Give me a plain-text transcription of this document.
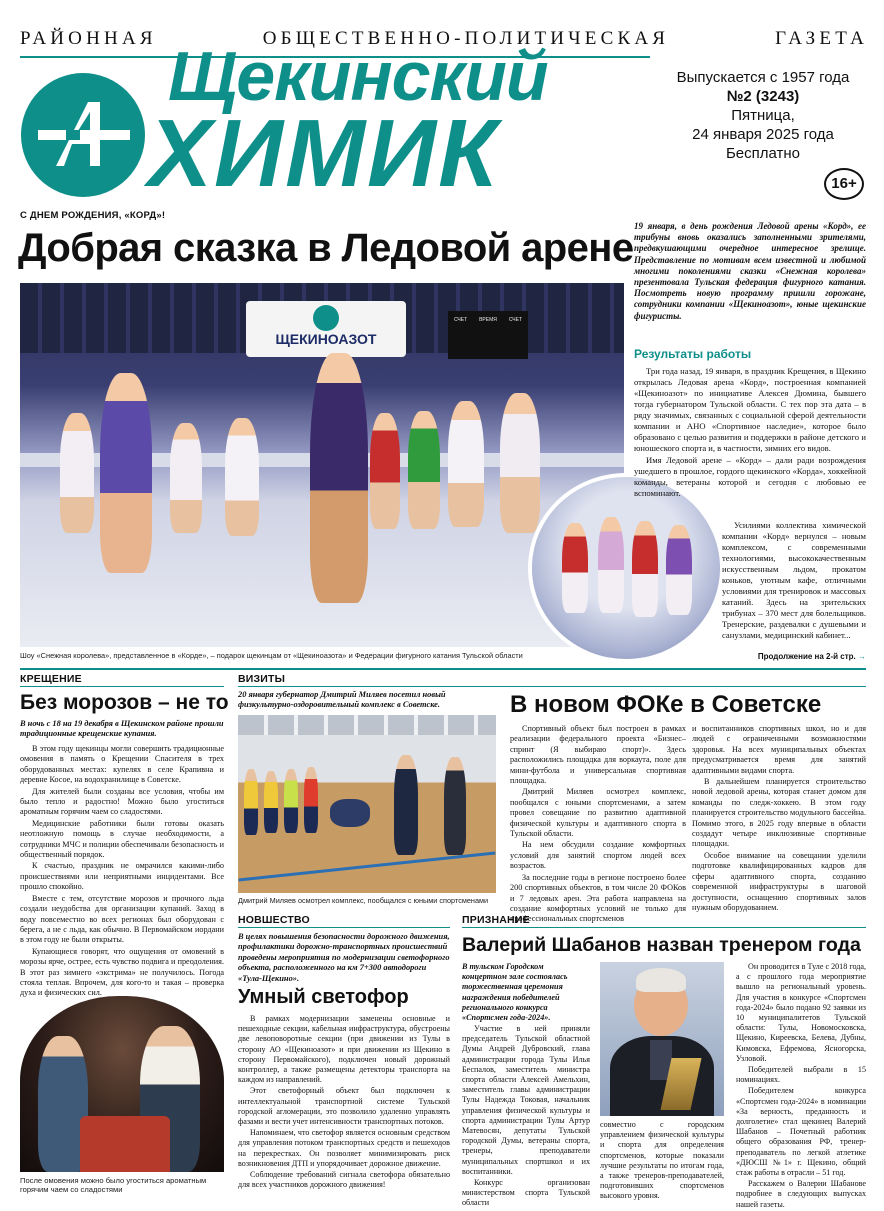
РАЙОННАЯ ОБЩЕСТВЕННО-ПОЛИТИЧЕСКАЯ ГАЗЕТА
Щекинский
ХИМИК
Выпускается с 1957 года
№2 (3243)
Пятница,
24 января 2025 года
Бесплатно
16+
С ДНЕМ РОЖДЕНИЯ, «КОРД»!
Добрая сказка в Ледовой арене
ЩЕКИНОАЗОТ
СЧЕТ ВРЕМЯ СЧЕТ
Шоу «Снежная королева», представленное в «Корде», – подарок щекинцам от «Щекиноазота» и Федерации фигурного катания Тульской области
19 января, в день рождения Ледовой арены «Корд», ее трибуны вновь оказались заполненными зрителями, предвкушающими очередное интересное зрелище. Представление по мотивам всем известной и любимой многими поколениями сказки «Снежная королева» презентовала Тульская федерация фигурного катания. Посмотреть новую программу пришли горожане, сотрудники компании «Щекиноазот», юные щекинские фигуристы.
Результаты работы

Три года назад, 19 января, в праздник Крещения, в Щекино открылась Ледовая арена «Корд», построенная компанией «Щекиноазот» по инициативе Алексея Дюмина, бывшего тогда губернатором Тульской области. С тех пор эта дата – в ряду значимых, связанных с социальной сферой деятельности компании и АНО «Спортивное наследие», которое было образовано с целью развития и поддержки в районе детского и юношеского спорта и, в частности, зимних его видов.

Имя Ледовой арене – «Корд» – дали ради возрождения ушедшего в прошлое, гордого щекинского «Корда», хоккейной команды, ветераны которой и сегодня с любовью ее вспоминают.

Усилиями коллектива химической компании «Корд» вернулся – новым комплексом, с современными технологиями, высококачественным искусственным льдом, прокатом коньков, уютным кафе, отличными условиями для тренировок и массовых катаний. Здесь на зрительских трибунах – 370 мест для болельщиков. Тренерские, раздевалки с душевыми и санузлами, медицинский кабинет...

Продолжение на 2-й стр. →
КРЕЩЕНИЕ
Без морозов – не то
В ночь с 18 на 19 декабря в Щекинском районе прошли традиционные крещенские купания.

В этом году щекинцы могли совершить традиционные омовения в память о Крещении Спасителя в трех оборудованных местах: купелях в селе Крапивна и деревне Косое, на водохранилище в Советске.

Для жителей были созданы все условия, чтобы им было тепло и радостно! Можно было угоститься ароматным горячим чаем со сладостями.

Медицинские работники были готовы оказать неотложную помощь в случае необходимости, а сотрудники МЧС и полиции обеспечивали безопасность и общественный порядок.

К счастью, праздник не омрачился какими-либо происшествиями или неприятными инцидентами. Все прошло спокойно.

Вместе с тем, отсутствие морозов и прочного льда создали неудобства для организации купаний. Заход в воду повсеместно во всех регионах был оборудован с берега, а не с льда, как обычно. В Первомайском иордани в этом году не были открыты.

Купающиеся говорят, что ощущения от омовений в морозы ярче, острее, есть чувство подвига и преодоления. В этот раз зимнего «экстрима» не получилось. Погода стояла теплая. Впрочем, для кого-то и такая – проверка духа и физических сил.

После омовения можно было угоститься ароматным горячим чаем со сладостями
ВИЗИТЫ
20 января губернатор Дмитрий Миляев посетил новый физкультурно-оздоровительный комплекс в Советске.
Дмитрий Миляев осмотрел комплекс, пообщался с юными спортсменами
В новом ФОКе в Советске

Спортивный объект был построен в рамках реализации федерального проекта «Бизнес–спринт (Я выбираю спорт)». Здесь расположились площадка для воркаута, поле для мини-футбола и универсальная спортивная площадка.

Дмитрий Миляев осмотрел комплекс, пообщался с юными спортсменами, а затем провел совещание по развитию адаптивной физической культуры и адаптивного спорта в Тульской области.

На нем обсудили создание комфортных условий для занятий спортом людей всех возрастов.

За последние годы в регионе построено более 200 спортивных объектов, в том числе 20 ФОКов и 7 ледовых арен. Эта работа направлена на создание комфортных условий не только для профессиональных спортсменов

и воспитанников спортивных школ, но и для людей с ограниченными возможностями здоровья. На всех муниципальных объектах предусматривается время для занятий адаптивными видами спорта.

В дальнейшем планируется строительство новой ледовой арены, которая станет домом для команды по следж-хоккею. В этом году планируется строительство модульного бассейна. Помимо этого, в 2025 году впервые в области создадут четыре инклюзивные спортивные площадки.

Особое внимание на совещании уделили подготовке квалифицированных кадров для сферы адаптивного спорта, созданию современной инфраструктуры в шаговой доступности, оснащению спортивных залов нужным оборудованием.

НОВШЕСТВО
В целях повышения безопасности дорожного движения, профилактики дорожно-транспортных происшествий проведены мероприятия по модернизации светофорного объекта, расположенного на км 7+300 автодороги «Тула-Щекино».
Умный светофор

В рамках модернизации заменены основные и пешеходные секции, кабельная инфраструктура, обустроены две левоповоротные секции (при движении из Тулы в сторону АО «Щекиноазот» и при движении из Щекино в сторону Первомайского), подключен новый дорожный контроллер, а также размещены детекторы транспорта на каждом из направлений.

Этот светофорный объект был подключен к интеллектуальной транспортной системе Тульской городской агломерации, это позволило удаленно управлять фазами и вести учет интенсивности транспортных потоков.

Напоминаем, что светофор является основным средством для управления потоком транспортных средств и пешеходов на перекрестках. Он позволяет минимизировать риск возникновения ДТП и упорядочивает дорожное движение.

Соблюдение требований сигнала светофора обязательно для всех участников дорожного движения!

ПРИЗНАНИЕ
Валерий Шабанов назван тренером года
В тульском Городском концертном зале состоялась торжественная церемония награждения победителей регионального конкурса «Спортсмен года-2024».

Участие в ней приняли председатель Тульской областной Думы Андрей Дубровский, глава администрации города Тулы Илья Беспалов, заместитель министра спорта области Алексей Амельхин, заместитель главы администрации Тулы Надежда Токовая, начальник управления физической культуры и спорта администрации Тулы Артур Матевосян, депутаты Тульской городской Думы, ветераны спорта, тренеры, преподаватели муниципальных спортшкол и их воспитанники.

Конкурс организован министерством спорта Тульской области

совместно с городским управлением физической культуры и спорта для определения спортсменов, которые показали лучшие результаты по итогам года, а также тренеров-преподавателей, подготовивших спортсменов высокого уровня.

Он проводится в Туле с 2018 года, а с прошлого года мероприятие вышло на региональный уровень. Для участия в конкурсе «Спортсмен года-2024» было подано 92 заявки из 10 муниципалитетов Тульской области: Тулы, Новомосковска, Щекино, Киреевска, Белева, Дубны, Кимовска, Ефремова, Ясногорска, Узловой.

Победителей выбрали в 15 номинациях.

Победителем конкурса «Спортсмен года-2024» в номинации «За верность, преданность и долголетие» стал щекинец Валерий Шабанов – Почетный работник общего образования РФ, тренер-преподаватель по легкой атлетике «ДЮСШ №1» г. Щекино, общий стаж работы в отрасли – 51 год.

Расскажем о Валерии Шабанове подробнее в следующих выпусках нашей газеты.
